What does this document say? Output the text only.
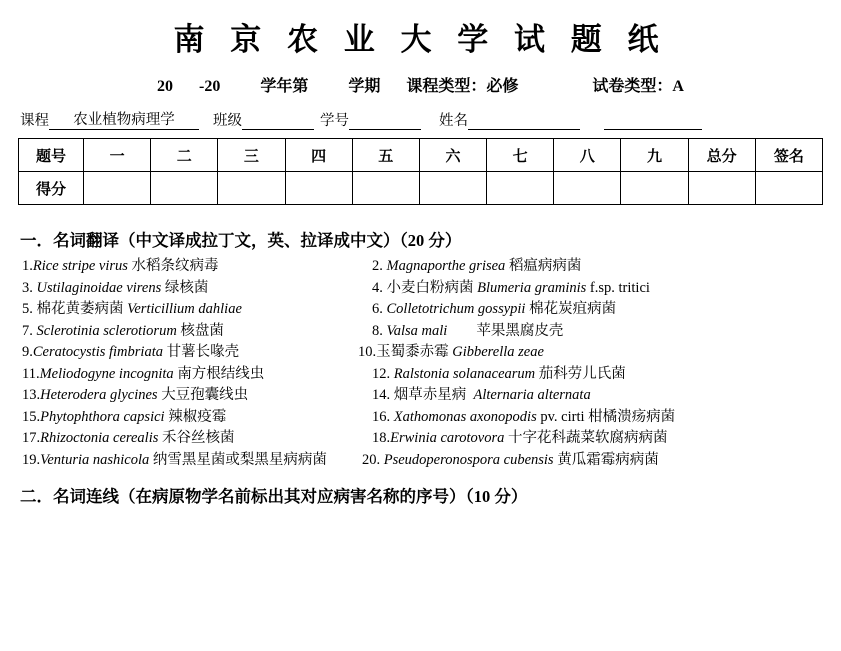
南 京 农 业 大 学 试 题 纸
20 -20	学年第	学期 课程类型： 必修	试卷类型： A
课程	农业植物病理学	班级	学号	姓名
题号	一	二	三	四	五	六	七	八	九	总分	签名
得分											
一．名词翻译（中文译成拉丁文，英、拉译成中文）（20 分）
1.Rice stripe virus 水稻条纹病毒	2. Magnaporthe grisea 稻瘟病病菌
3. Ustilaginoidae virens 绿核菌	4. 小麦白粉病菌 Blumeria graminis f.sp. tritici
5. 棉花黄萎病菌 Verticillium dahliae	6. Colletotrichum gossypii 棉花炭疽病菌
7. Sclerotinia sclerotiorum 核盘菌	8. Valsa mali        苹果黑腐皮壳
9.Ceratocystis fimbriata 甘薯长喙壳	10.玉蜀黍赤霉 Gibberella zeae
11.Meliodogyne incognita 南方根结线虫	12. Ralstonia solanacearum 茄科劳儿氏菌
13.Heterodera glycines 大豆孢囊线虫	14. 烟草赤星病  Alternaria alternata
15.Phytophthora capsici 辣椒疫霉	16. Xathomonas axonopodis pv. cirti 柑橘溃疡病菌
17.Rhizoctonia cerealis 禾谷丝核菌	18.Erwinia carotovora 十字花科蔬菜软腐病病菌
19.Venturia nashicola 纳雪黑星菌或梨黑星病病菌	20. Pseudoperonospora cubensis 黄瓜霜霉病病菌
二．名词连线（在病原物学名前标出其对应病害名称的序号）（10 分）
